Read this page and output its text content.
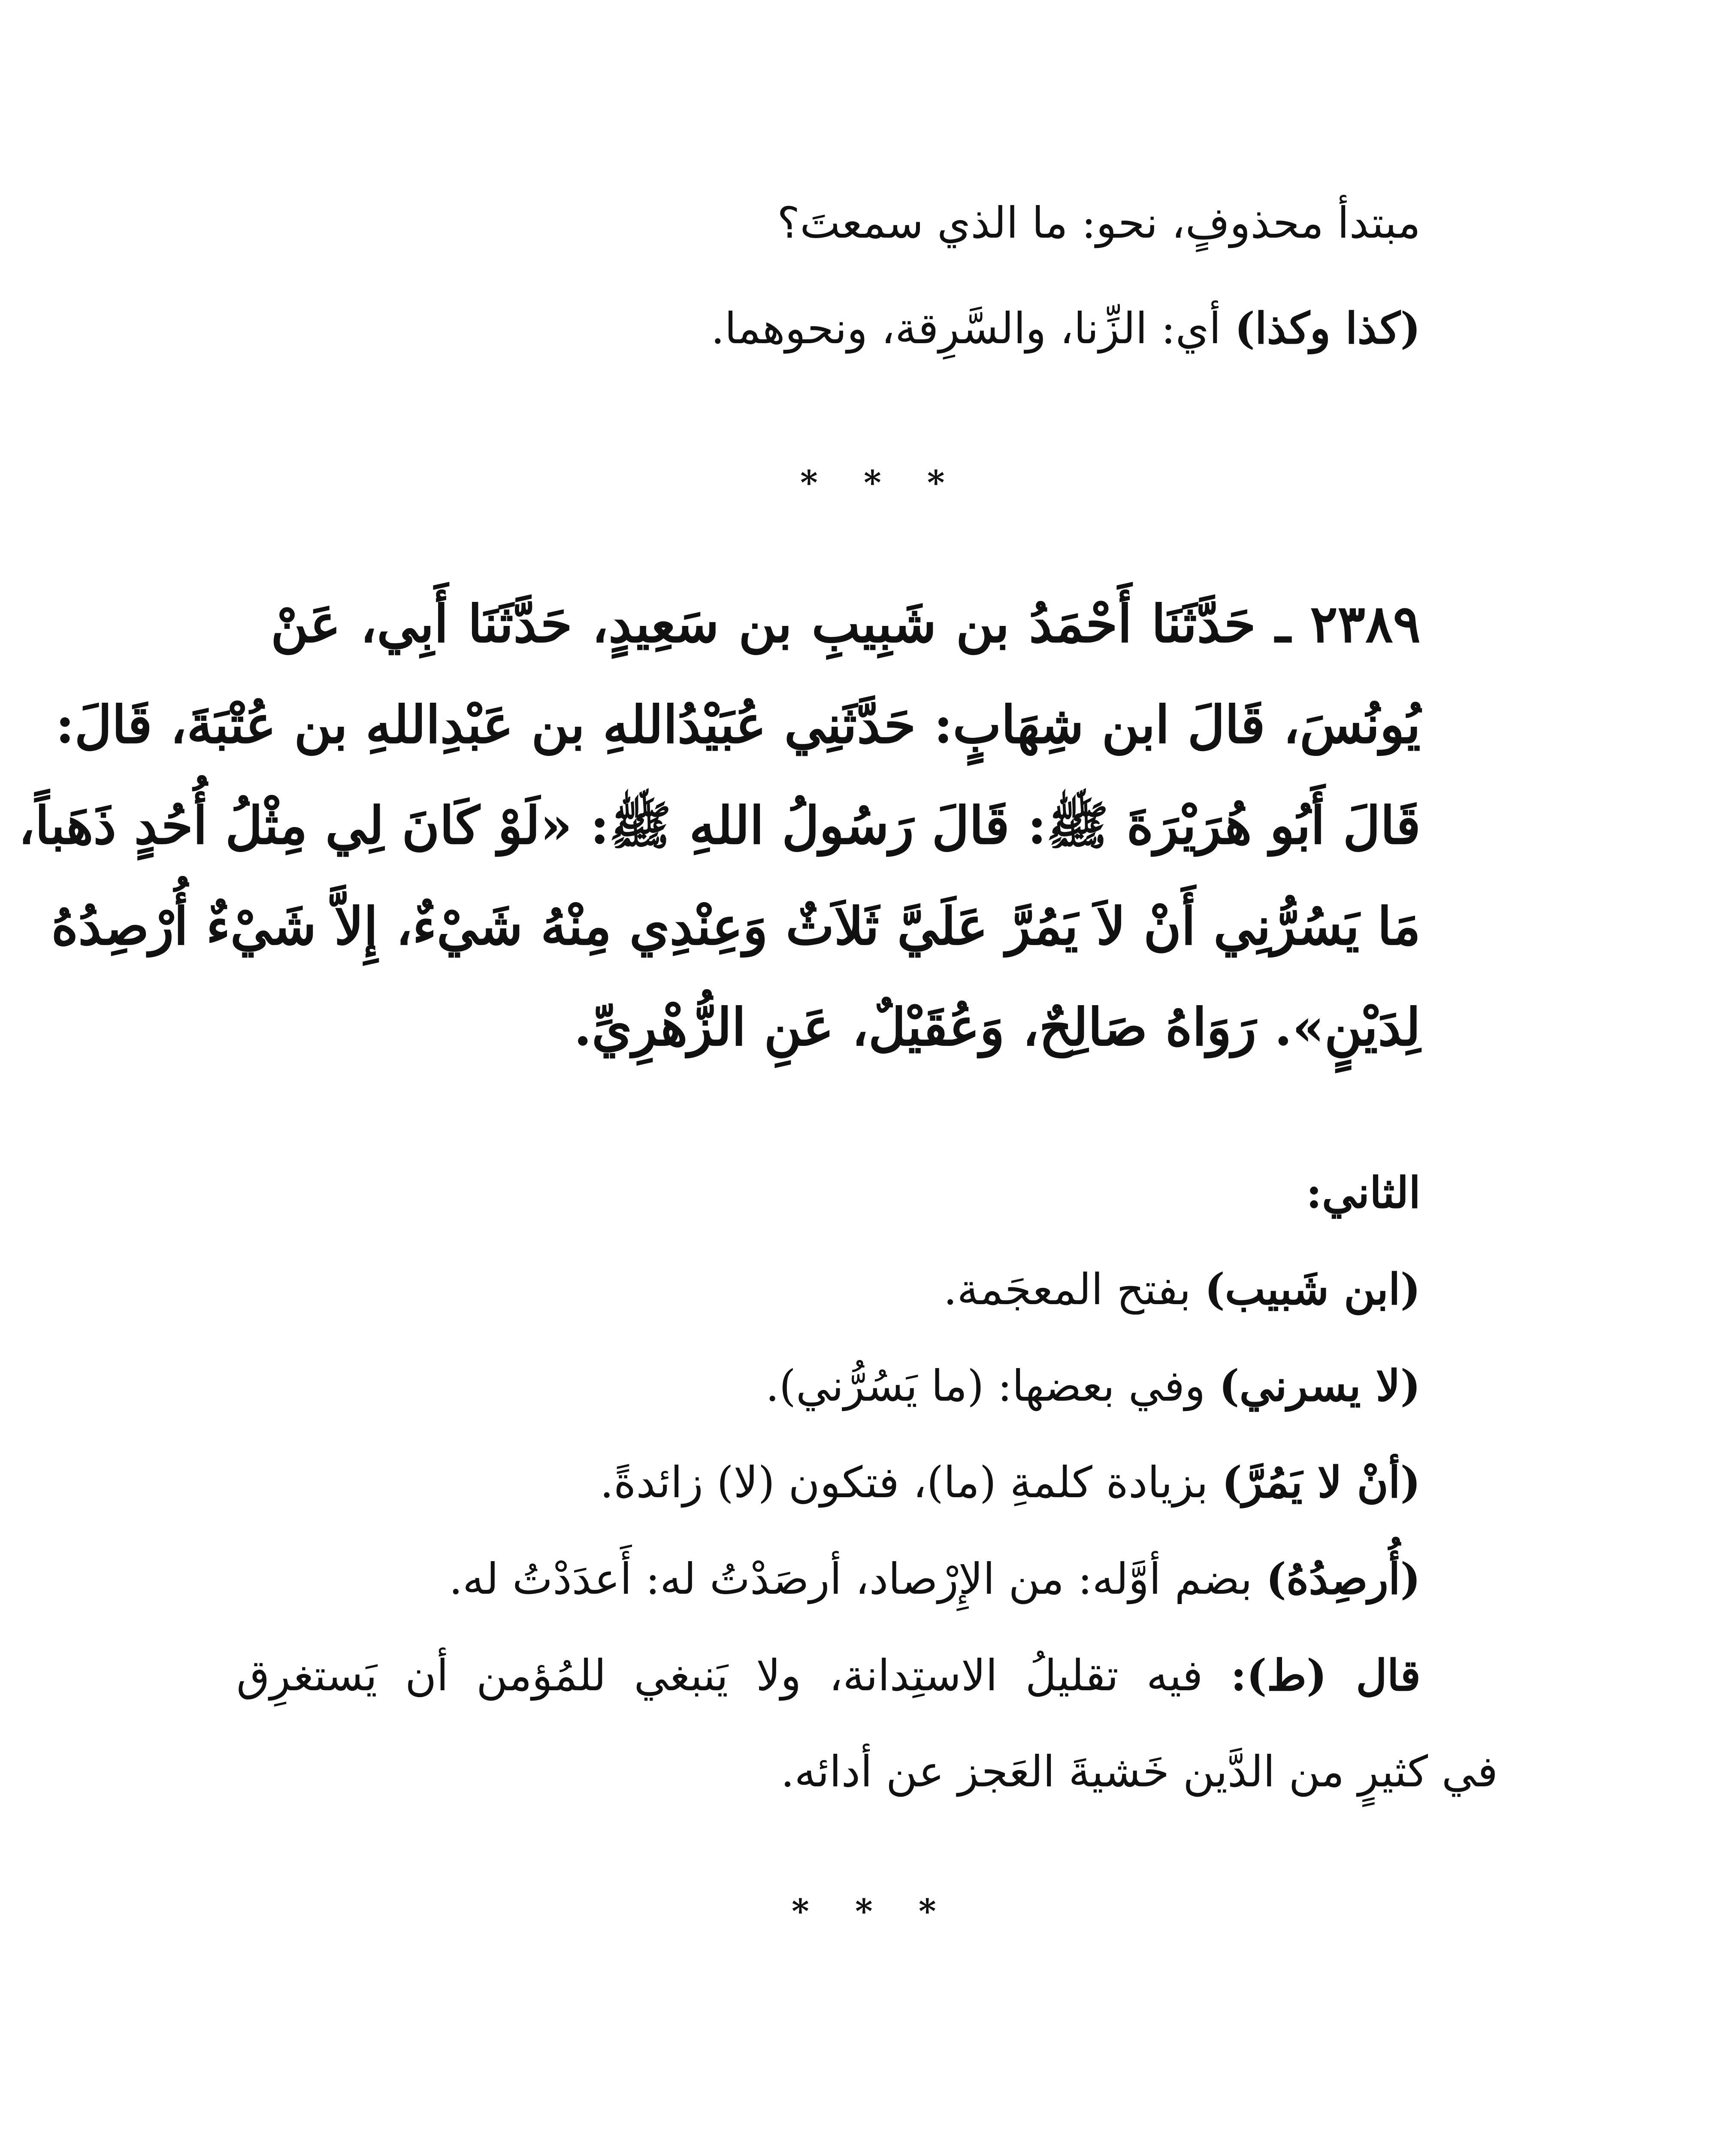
مبتدأ محذوفٍ، نحو: ما الذي سمعتَ؟
(كذا وكذا) أي: الزِّنا، والسَّرِقة، ونحوهما.
* * *
٢٣٨٩ ـ حَدَّثَنَا أَحْمَدُ بن شَبِيبِ بن سَعِيدٍ، حَدَّثَنَا أَبِي، عَنْ
يُونُسَ، قَالَ ابن شِهَابٍ: حَدَّثَنِي عُبَيْدُاللهِ بن عَبْدِاللهِ بن عُتْبَةَ، قَالَ:
قَالَ أَبُو هُرَيْرَةَ ﷺ: قَالَ رَسُولُ اللهِ ﷺ: «لَوْ كَانَ لِي مِثْلُ أُحُدٍ ذَهَباً،
مَا يَسُرُّنِي أَنْ لاَ يَمُرَّ عَلَيَّ ثَلاَثٌ وَعِنْدِي مِنْهُ شَيْءٌ، إِلاَّ شَيْءٌ أُرْصِدُهُ
لِدَيْنٍ». رَوَاهُ صَالِحٌ، وَعُقَيْلٌ، عَنِ الزُّهْرِيِّ.
الثاني:
(ابن شَبيب) بفتح المعجَمة.
(لا يسرني) وفي بعضها: (ما يَسُرُّني).
(أنْ لا يَمُرَّ) بزيادة كلمةِ (ما)، فتكون (لا) زائدةً.
(أُرصِدُهُ) بضم أوَّله: من الإِرْصاد، أرصَدْتُ له: أَعدَدْتُ له.
قال (ط): فيه تقليلُ الاستِدانة، ولا يَنبغي للمُؤمن أن يَستغرِق
في كثيرٍ من الدَّين خَشيةَ العَجز عن أدائه.
* * *
